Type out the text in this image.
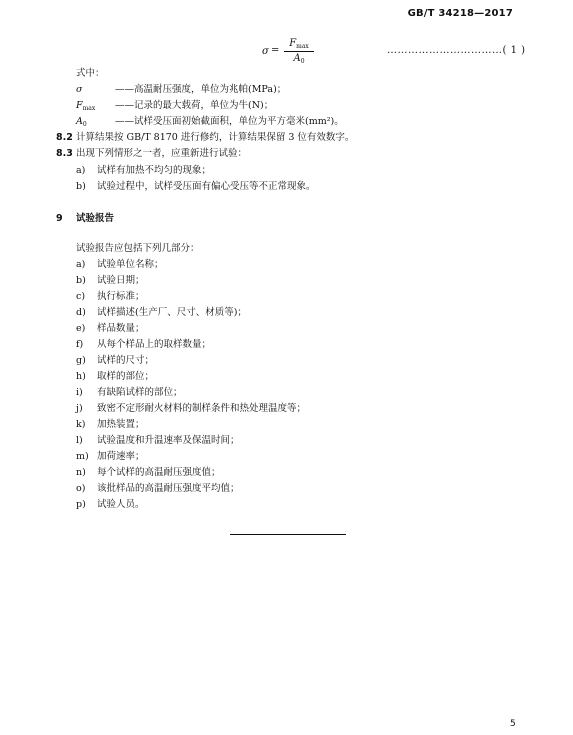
GB/T 34218—2017
σ =
$F_{max}$
$A_0$
……………………………( 1 )
式中：
σ	——高温耐压强度，单位为兆帕(MPa)；
$F_{max}$ ——记录的最大载荷，单位为牛(N)；
$A_0$	——试样受压面初始截面积，单位为平方毫米(mm²)。
8.2 计算结果按 GB/T 8170 进行修约，计算结果保留 3 位有效数字。
8.3 出现下列情形之一者，应重新进行试验：
a) 试样有加热不均匀的现象；
b) 试验过程中，试样受压面有偏心受压等不正常现象。
9 试验报告
试验报告应包括下列几部分：
a) 试验单位名称；
b) 试验日期；
c) 执行标准；
d) 试样描述(生产厂、尺寸、材质等)；
e) 样品数量；
f) 从每个样品上的取样数量；
g) 试样的尺寸；
h) 取样的部位；
i) 有缺陷试样的部位；
j) 致密不定形耐火材料的制样条件和热处理温度等；
k) 加热装置；
l) 试验温度和升温速率及保温时间；
m) 加荷速率；
n) 每个试样的高温耐压强度值；
o) 该批样品的高温耐压强度平均值；
p) 试验人员。
5
